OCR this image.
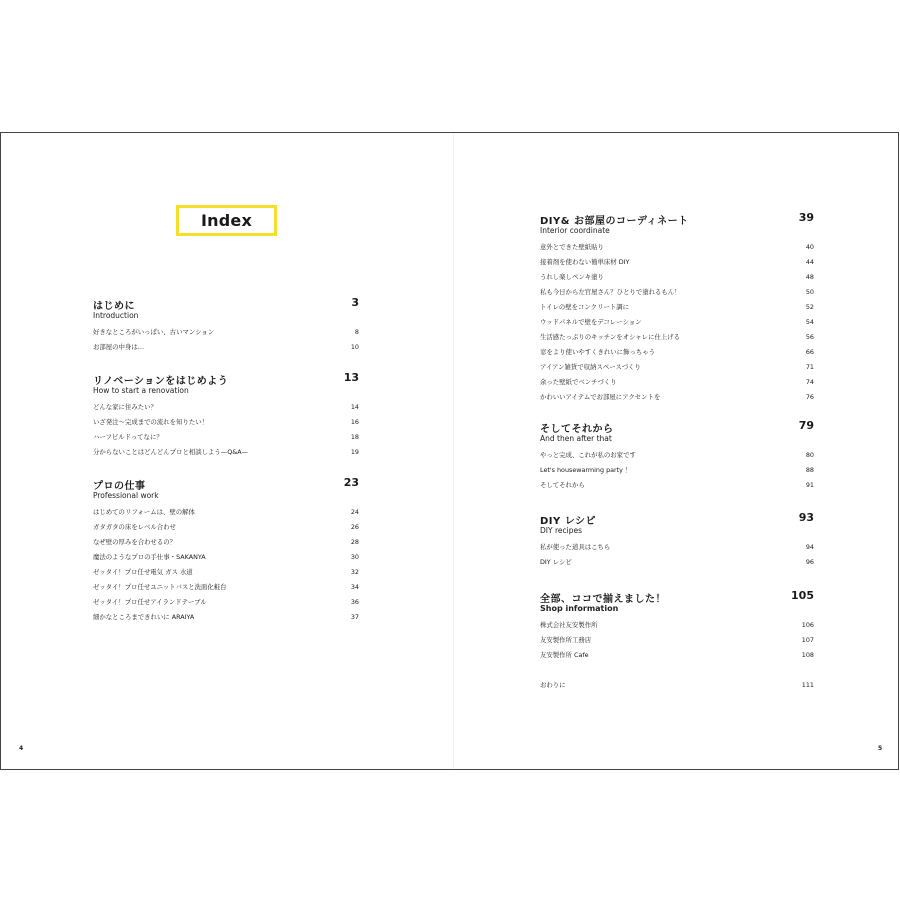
Index
はじめに	3
Introduction
好きなところがいっぱい、古いマンション	8
お部屋の中身は…	10
リノベーションをはじめよう	13
How to start a renovation
どんな家に住みたい？	14
いざ発注～完成までの流れを知りたい！	16
ハーフビルドってなに？	18
分からないことはどんどんプロと相談しよう—Q&A—	19
プロの仕事	23
Professional work
はじめてのリフォームは、壁の解体	24
ガタガタの床をレベル合わせ	26
なぜ壁の厚みを合わせるの？	28
魔法のようなプロの手仕事・SAKANYA	30
ゼッタイ！プロ任せ電気 ガス 水道	32
ゼッタイ！プロ任せユニットバスと洗面化粧台	34
ゼッタイ！プロ任せアイランドテーブル	36
細かなところまできれいに ARAIYA	37
DIY& お部屋のコーディネート	39
Interior coordinate
意外とできた壁紙貼り	40
接着剤を使わない簡単床材 DIY	44
うれし楽しペンキ塗り	48
私も今日から左官屋さん？ひとりで塗れるもん！	50
トイレの壁をコンクリート調に	52
ウッドパネルで壁をデコレーション	54
生活感たっぷりのキッチンをオシャレに仕上げる	56
窓をより使いやすくきれいに飾っちゃう	66
アイアン雑貨で収納スペースづくり	71
余った壁紙でベンチづくり	74
かわいいアイテムでお部屋にアクセントを	76
そしてそれから	79
And then after that
やっと完成、これが私のお家です	80
Let's housewarming party ！	88
そしてそれから	91
DIY レシピ	93
DIY recipes
私が使った道具はこちら	94
DIY レシピ	96
全部、ココで揃えました！	105
Shop information
株式会社友安製作所	106
友安製作所工務店	107
友安製作所 Cafe	108
おわりに	111
4	5
